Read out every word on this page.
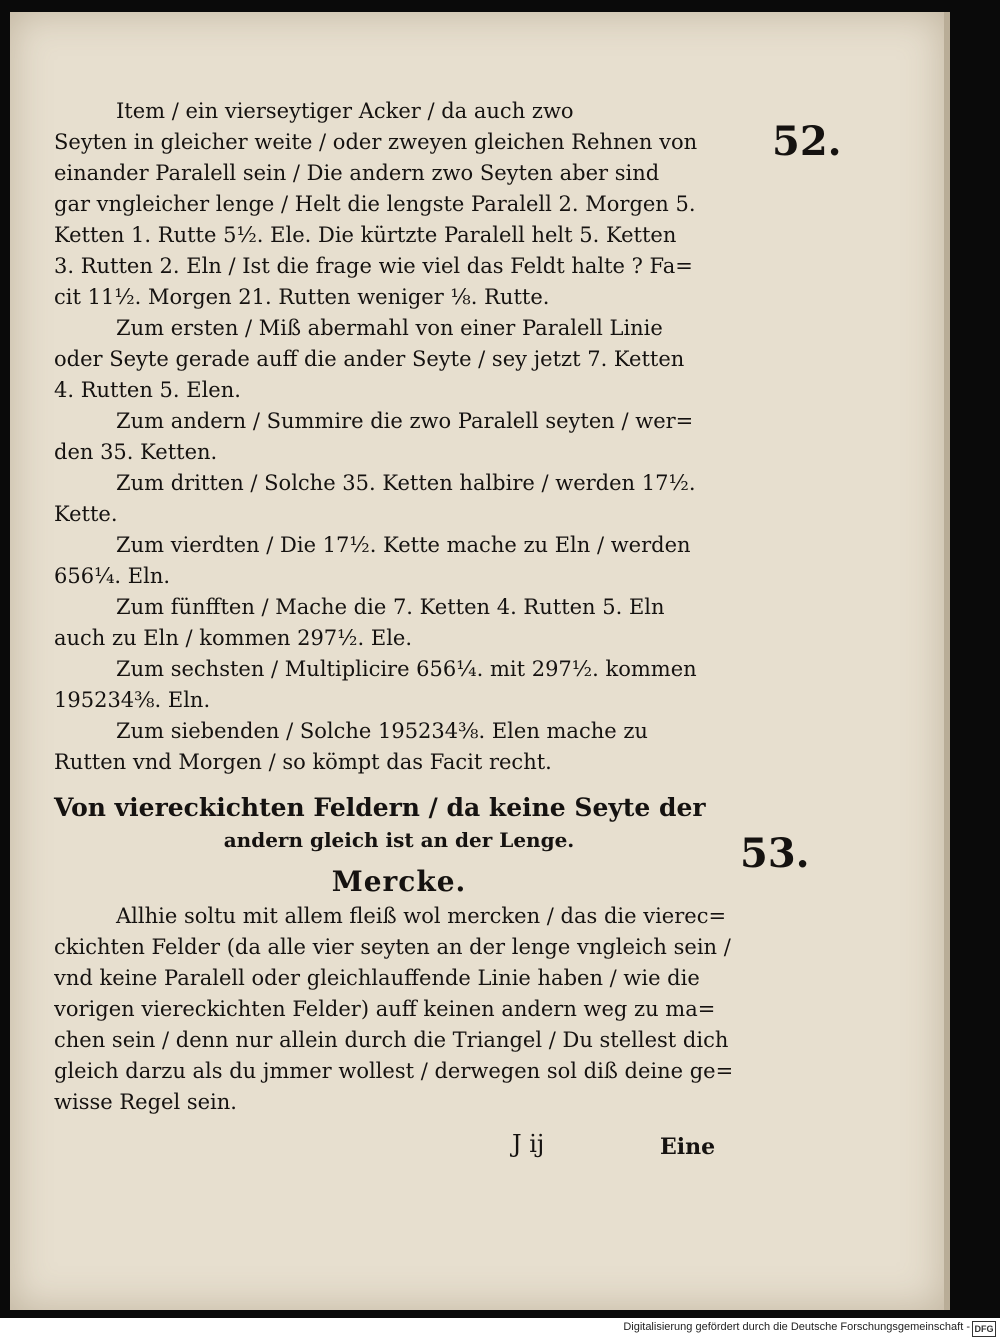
52.
53.
Item / ein vierseytiger Acker / da auch zwo
Seyten in gleicher weite / oder zweyen gleichen Rehnen von
einander Paralell sein / Die andern zwo Seyten aber sind
gar vngleicher lenge / Helt die lengste Paralell 2. Morgen 5.
Ketten 1. Rutte 5½. Ele. Die kürtzte Paralell helt 5. Ketten
3. Rutten 2. Eln / Ist die frage wie viel das Feldt halte ? Fa=
cit 11½. Morgen 21. Rutten weniger ⅛. Rutte.
Zum ersten / Miß abermahl von einer Paralell Linie
oder Seyte gerade auff die ander Seyte / sey jetzt 7. Ketten
4. Rutten 5. Elen.
Zum andern / Summire die zwo Paralell seyten / wer=
den 35. Ketten.
Zum dritten / Solche 35. Ketten halbire / werden 17½.
Kette.
Zum vierdten / Die 17½. Kette mache zu Eln / werden
656¼. Eln.
Zum fünfften / Mache die 7. Ketten 4. Rutten 5. Eln
auch zu Eln / kommen 297½. Ele.
Zum sechsten / Multiplicire 656¼. mit 297½. kommen
195234⅜. Eln.
Zum siebenden / Solche 195234⅜. Elen mache zu
Rutten vnd Morgen / so kömpt das Facit recht.
Von viereckichten Feldern / da keine Seyte der
andern gleich ist an der Lenge.
Mercke.
Allhie soltu mit allem fleiß wol mercken / das die vierec=
ckichten Felder (da alle vier seyten an der lenge vngleich sein /
vnd keine Paralell oder gleichlauffende Linie haben / wie die
vorigen viereckichten Felder) auff keinen andern weg zu ma=
chen sein / denn nur allein durch die Triangel / Du stellest dich
gleich darzu als du jmmer wollest / derwegen sol diß deine ge=
wisse Regel sein.
J ij	Eine
Digitalisierung gefördert durch die Deutsche Forschungsgemeinschaft - DFG
